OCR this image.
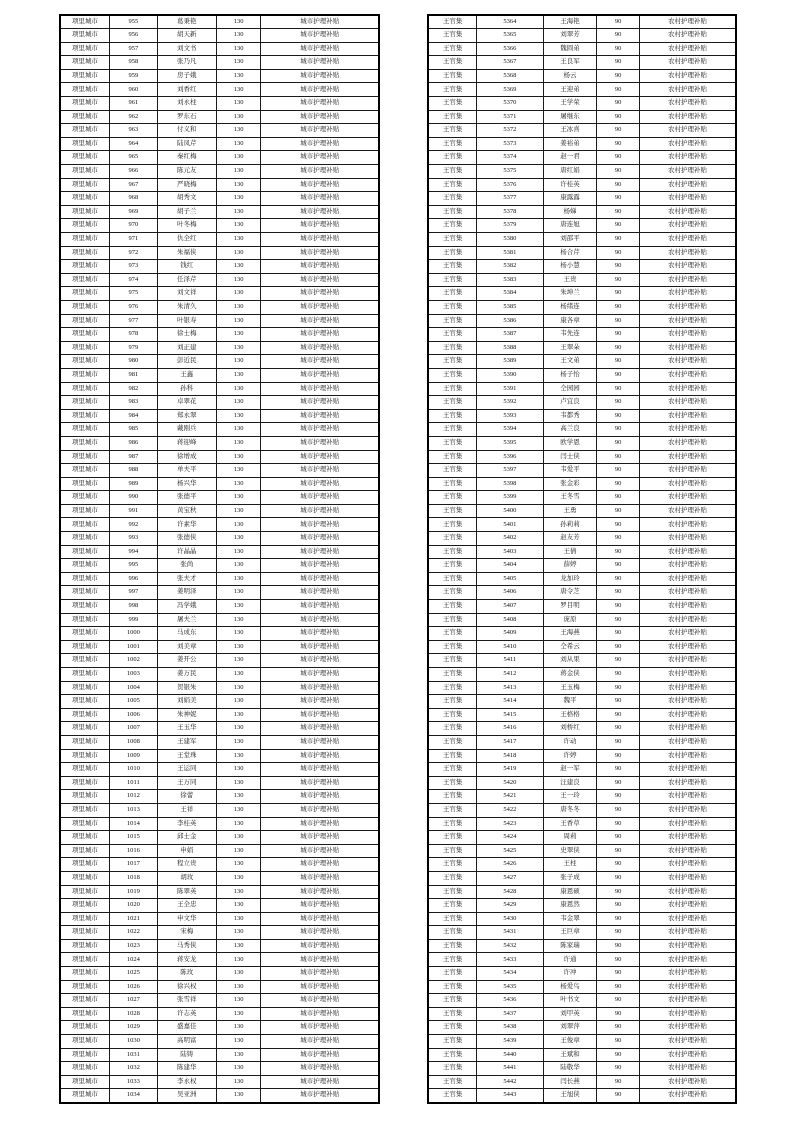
项里城市	955	葛秉艳	130	城市护理补贴
项里城市	956	胡天新	130	城市护理补贴
项里城市	957	刘文书	130	城市护理补贴
项里城市	958	张乃凡	130	城市护理补贴
项里城市	959	房子娥	130	城市护理补贴
项里城市	960	刘香红	130	城市护理补贴
项里城市	961	刘永柱	130	城市护理补贴
项里城市	962	罗东石	130	城市护理补贴
项里城市	963	付义和	130	城市护理补贴
项里城市	964	陆凤芹	130	城市护理补贴
项里城市	965	秦红梅	130	城市护理补贴
项里城市	966	陈元友	130	城市护理补贴
项里城市	967	严晓梅	130	城市护理补贴
项里城市	968	胡秀文	130	城市护理补贴
项里城市	969	胡子兰	130	城市护理补贴
项里城市	970	叶冬梅	130	城市护理补贴
项里城市	971	仇全红	130	城市护理补贴
项里城市	972	朱福侠	130	城市护理补贴
项里城市	973	钱红	130	城市护理补贴
项里城市	974	任泽芹	130	城市护理补贴
项里城市	975	刘文祥	130	城市护理补贴
项里城市	976	朱清久	130	城市护理补贴
项里城市	977	叶银寿	130	城市护理补贴
项里城市	978	徐士梅	130	城市护理补贴
项里城市	979	刘正建	130	城市护理补贴
项里城市	980	彭近民	130	城市护理补贴
项里城市	981	王鑫	130	城市护理补贴
项里城市	982	孙科	130	城市护理补贴
项里城市	983	卓翠花	130	城市护理补贴
项里城市	984	郑永翠	130	城市护理补贴
项里城市	985	戴刚兵	130	城市护理补贴
项里城市	986	蒋迎峰	130	城市护理补贴
项里城市	987	徐增成	130	城市护理补贴
项里城市	988	单夫平	130	城市护理补贴
项里城市	989	杨兴华	130	城市护理补贴
项里城市	990	张德平	130	城市护理补贴
项里城市	991	黄宝秋	130	城市护理补贴
项里城市	992	许素华	130	城市护理补贴
项里城市	993	张德侠	130	城市护理补贴
项里城市	994	许晶晶	130	城市护理补贴
项里城市	995	张尚	130	城市护理补贴
项里城市	996	张夫才	130	城市护理补贴
项里城市	997	姜明泽	130	城市护理补贴
项里城市	998	冯学娥	130	城市护理补贴
项里城市	999	屠夫兰	130	城市护理补贴
项里城市	1000	马成东	130	城市护理补贴
项里城市	1001	刘美章	130	城市护理补贴
项里城市	1002	姜开公	130	城市护理补贴
项里城市	1003	姜万民	130	城市护理补贴
项里城市	1004	贺银朱	130	城市护理补贴
项里城市	1005	刘娟美	130	城市护理补贴
项里城市	1006	朱神妮	130	城市护理补贴
项里城市	1007	王玉华	130	城市护理补贴
项里城市	1008	王建军	130	城市护理补贴
项里城市	1009	王堂珠	130	城市护理补贴
项里城市	1010	王运同	130	城市护理补贴
项里城市	1011	王万同	130	城市护理补贴
项里城市	1012	徐蕾	130	城市护理补贴
项里城市	1013	王祥	130	城市护理补贴
项里城市	1014	李桂英	130	城市护理补贴
项里城市	1015	邱士金	130	城市护理补贴
项里城市	1016	申娟	130	城市护理补贴
项里城市	1017	程立贵	130	城市护理补贴
项里城市	1018	胡玫	130	城市护理补贴
项里城市	1019	陈翠英	130	城市护理补贴
项里城市	1020	王全忠	130	城市护理补贴
项里城市	1021	申文华	130	城市护理补贴
项里城市	1022	宋梅	130	城市护理补贴
项里城市	1023	马秀侠	130	城市护理补贴
项里城市	1024	蒋安龙	130	城市护理补贴
项里城市	1025	陈玫	130	城市护理补贴
项里城市	1026	徐兴权	130	城市护理补贴
项里城市	1027	张雪祥	130	城市护理补贴
项里城市	1028	许志英	130	城市护理补贴
项里城市	1029	盛嘉佳	130	城市护理补贴
项里城市	1030	高明富	130	城市护理补贴
项里城市	1031	陆铸	130	城市护理补贴
项里城市	1032	陈建华	130	城市护理补贴
项里城市	1033	李永权	130	城市护理补贴
项里城市	1034	吴亚洲	130	城市护理补贴
王官集	5364	王海艳	90	农村护理补贴
王官集	5365	刘翠芳	90	农村护理补贴
王官集	5366	魏圆弟	90	农村护理补贴
王官集	5367	王良军	90	农村护理补贴
王官集	5368	杨云	90	农村护理补贴
王官集	5369	王迎弟	90	农村护理补贴
王官集	5370	王学荣	90	农村护理补贴
王官集	5371	屠继东	90	农村护理补贴
王官集	5372	王冰喜	90	农村护理补贴
王官集	5373	姜裕弟	90	农村护理补贴
王官集	5374	赵一君	90	农村护理补贴
王官集	5375	唐红娟	90	农村护理补贴
王官集	5376	许桂英	90	农村护理补贴
王官集	5377	康露露	90	农村护理补贴
王官集	5378	杨娣	90	农村护理补贴
王官集	5379	唐连旭	90	农村护理补贴
王官集	5380	刘邵平	90	农村护理补贴
王官集	5381	杨合芹	90	农村护理补贴
王官集	5382	杨小慧	90	农村护理补贴
王官集	5383	王贵	90	农村护理补贴
王官集	5384	朱坤兰	90	农村护理补贴
王官集	5385	杨绪连	90	农村护理补贴
王官集	5386	康各章	90	农村护理补贴
王官集	5387	韦先连	90	农村护理补贴
王官集	5388	王翠朵	90	农村护理补贴
王官集	5389	王文弟	90	农村护理补贴
王官集	5390	杨子怡	90	农村护理补贴
王官集	5391	仝园园	90	农村护理补贴
王官集	5392	卢宜良	90	农村护理补贴
王官集	5393	韦都秀	90	农村护理补贴
王官集	5394	高兰良	90	农村护理补贴
王官集	5395	欧学恩	90	农村护理补贴
王官集	5396	闫士侠	90	农村护理补贴
王官集	5397	韦爱平	90	农村护理补贴
王官集	5398	张金彩	90	农村护理补贴
王官集	5399	王冬雪	90	农村护理补贴
王官集	5400	王勇	90	农村护理补贴
王官集	5401	孙莉莉	90	农村护理补贴
王官集	5402	赵友芳	90	农村护理补贴
王官集	5403	王倩	90	农村护理补贴
王官集	5404	薛婷	90	农村护理补贴
王官集	5405	龙加玲	90	农村护理补贴
王官集	5406	唐令芝	90	农村护理补贴
王官集	5407	罗目明	90	农村护理补贴
王官集	5408	庞原	90	农村护理补贴
王官集	5409	王海燕	90	农村护理补贴
王官集	5410	仝希云	90	农村护理补贴
王官集	5411	刘从果	90	农村护理补贴
王官集	5412	蒋金侠	90	农村护理补贴
王官集	5413	王玉梅	90	农村护理补贴
王官集	5414	魏平	90	农村护理补贴
王官集	5415	王格格	90	农村护理补贴
王官集	5416	刘桥红	90	农村护理补贴
王官集	5417	许动	90	农村护理补贴
王官集	5418	许婷	90	农村护理补贴
王官集	5419	赵一军	90	农村护理补贴
王官集	5420	汪建良	90	农村护理补贴
王官集	5421	王一玲	90	农村护理补贴
王官集	5422	唐冬冬	90	农村护理补贴
王官集	5423	王香草	90	农村护理补贴
王官集	5424	周莉	90	农村护理补贴
王官集	5425	史翠侠	90	农村护理补贴
王官集	5426	王柱	90	农村护理补贴
王官集	5427	张子成	90	农村护理补贴
王官集	5428	康恩硕	90	农村护理补贴
王官集	5429	康恩然	90	农村护理补贴
王官集	5430	韦金翠	90	农村护理补贴
王官集	5431	王巨章	90	农村护理补贴
王官集	5432	陈家瑞	90	农村护理补贴
王官集	5433	许通	90	农村护理补贴
王官集	5434	许冲	90	农村护理补贴
王官集	5435	杨爱鸟	90	农村护理补贴
王官集	5436	叶书文	90	农村护理补贴
王官集	5437	刘甲英	90	农村护理补贴
王官集	5438	刘翠萍	90	农村护理补贴
王官集	5439	王俊章	90	农村护理补贴
王官集	5440	王斌和	90	农村护理补贴
王官集	5441	陆敬华	90	农村护理补贴
王官集	5442	闫长燕	90	农村护理补贴
王官集	5443	王旭侠	90	农村护理补贴
